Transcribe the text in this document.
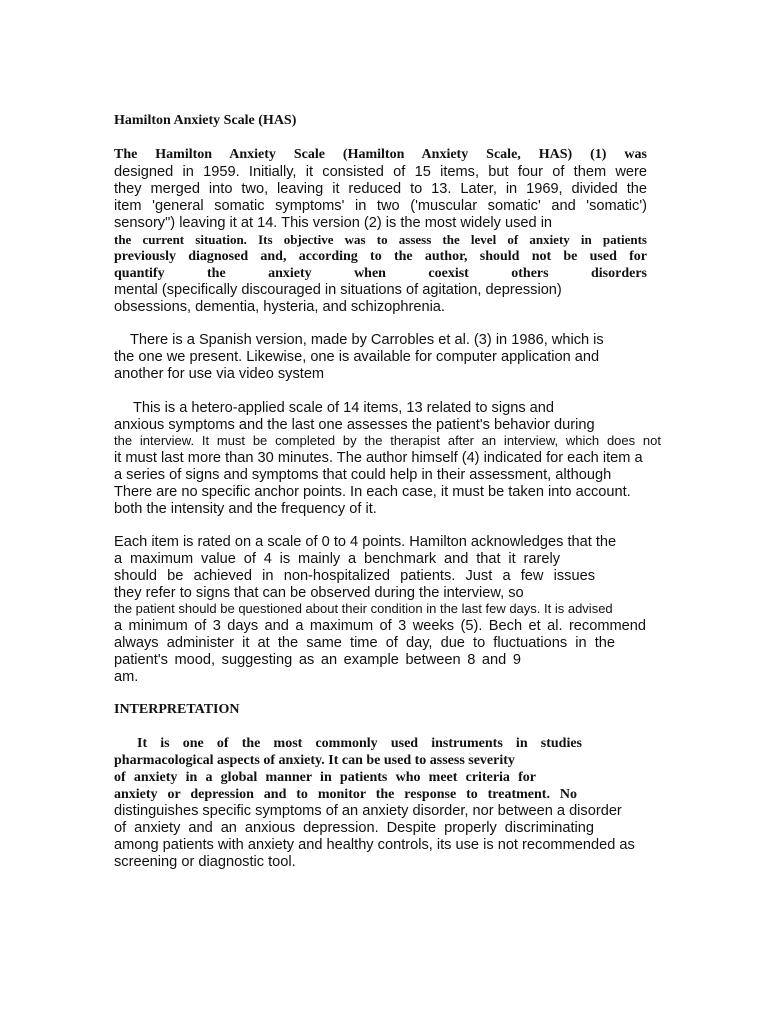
Hamilton Anxiety Scale (HAS)
The Hamilton Anxiety Scale (Hamilton Anxiety Scale, HAS) (1) was
designed in 1959. Initially, it consisted of 15 items, but four of them were
they merged into two, leaving it reduced to 13. Later, in 1969, divided the
item 'general somatic symptoms' in two ('muscular somatic' and 'somatic')
sensory") leaving it at 14. This version (2) is the most widely used in
the current situation. Its objective was to assess the level of anxiety in patients
previously diagnosed and, according to the author, should not be used for
quantify the anxiety when coexist others disorders
mental (specifically discouraged in situations of agitation, depression)
obsessions, dementia, hysteria, and schizophrenia.
There is a Spanish version, made by Carrobles et al. (3) in 1986, which is
the one we present. Likewise, one is available for computer application and
another for use via video system
This is a hetero-applied scale of 14 items, 13 related to signs and
anxious symptoms and the last one assesses the patient's behavior during
the interview. It must be completed by the therapist after an interview, which does not
it must last more than 30 minutes. The author himself (4) indicated for each item a
a series of signs and symptoms that could help in their assessment, although
There are no specific anchor points. In each case, it must be taken into account.
both the intensity and the frequency of it.
Each item is rated on a scale of 0 to 4 points. Hamilton acknowledges that the
a maximum value of 4 is mainly a benchmark and that it rarely
should be achieved in non-hospitalized patients. Just a few issues
they refer to signs that can be observed during the interview, so
the patient should be questioned about their condition in the last few days. It is advised
a minimum of 3 days and a maximum of 3 weeks (5). Bech et al. recommend
always administer it at the same time of day, due to fluctuations in the
patient's mood, suggesting as an example between 8 and 9
am.
INTERPRETATION
It is one of the most commonly used instruments in studies
pharmacological aspects of anxiety. It can be used to assess severity
of anxiety in a global manner in patients who meet criteria for
anxiety or depression and to monitor the response to treatment. No
distinguishes specific symptoms of an anxiety disorder, nor between a disorder
of anxiety and an anxious depression. Despite properly discriminating
among patients with anxiety and healthy controls, its use is not recommended as
screening or diagnostic tool.
